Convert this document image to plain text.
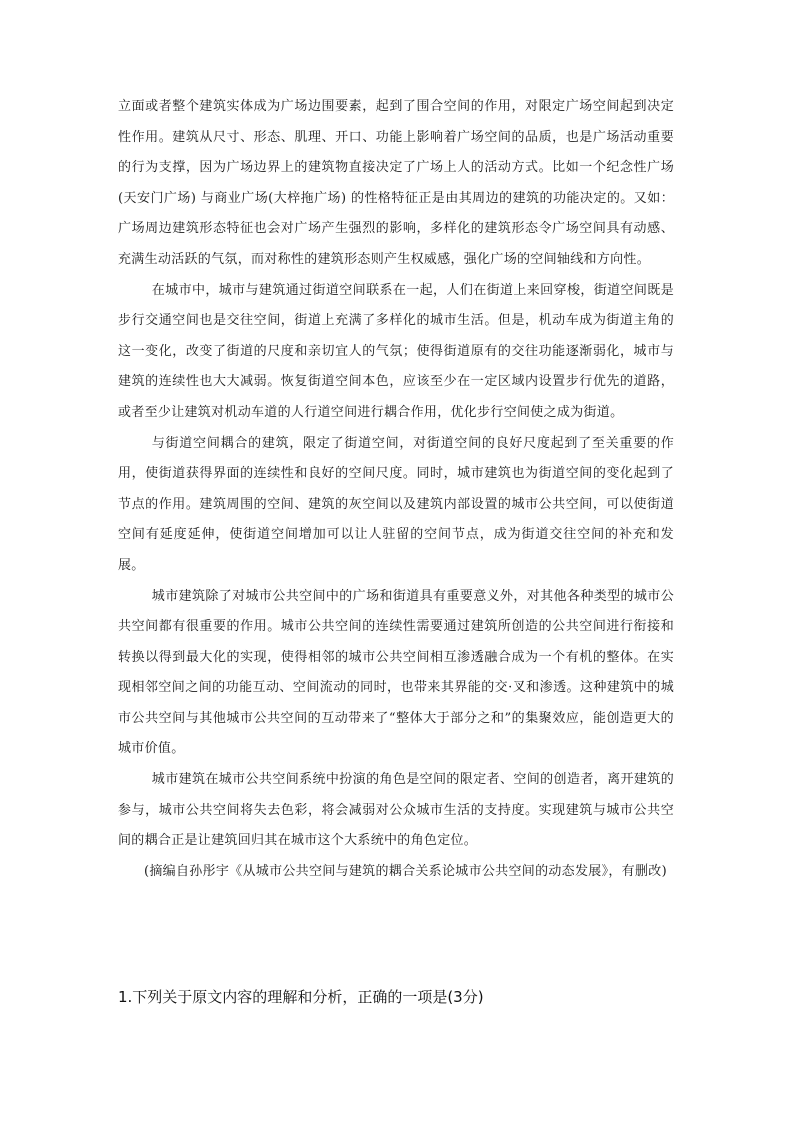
立面或者整个建筑实体成为广场边围要素，起到了围合空间的作用，对限定广场空间起到决定性作用。建筑从尺寸、形态、肌理、开口、功能上影响着广场空间的品质，也是广场活动重要的行为支撑，因为广场边界上的建筑物直接决定了广场上人的活动方式。比如一个纪念性广场 (天安门广场) 与商业广场(大梓拖广场) 的性格特征正是由其周边的建筑的功能决定的。又如：广场周边建筑形态特征也会对广场产生强烈的影响，多样化的建筑形态令广场空间具有动感、充满生动活跃的气氛，而对称性的建筑形态则产生权威感，强化广场的空间轴线和方向性。

在城市中，城市与建筑通过街道空间联系在一起，人们在街道上来回穿梭，街道空间既是步行交通空间也是交往空间，街道上充满了多样化的城市生活。但是，机动车成为街道主角的这一变化，改变了街道的尺度和亲切宜人的气氛；使得街道原有的交往功能逐渐弱化，城市与建筑的连续性也大大减弱。恢复街道空间本色，应该至少在一定区域内设置步行优先的道路，或者至少让建筑对机动车道的人行道空间进行耦合作用，优化步行空间使之成为街道。

与街道空间耦合的建筑，限定了街道空间，对街道空间的良好尺度起到了至关重要的作用，使街道获得界面的连续性和良好的空间尺度。同时，城市建筑也为街道空间的变化起到了节点的作用。建筑周围的空间、建筑的灰空间以及建筑内部设置的城市公共空间，可以使街道空间有延度延伸，使街道空间增加可以让人驻留的空间节点，成为街道交往空间的补充和发展。

城市建筑除了对城市公共空间中的广场和街道具有重要意义外，对其他各种类型的城市公共空间都有很重要的作用。城市公共空间的连续性需要通过建筑所创造的公共空间进行衔接和转换以得到最大化的实现，使得相邻的城市公共空间相互渗透融合成为一个有机的整体。在实现相邻空间之间的功能互动、空间流动的同时，也带来其界能的交·叉和渗透。这种建筑中的城市公共空间与其他城市公共空间的互动带来了“整体大于部分之和”的集聚效应，能创造更大的城市价值。

城市建筑在城市公共空间系统中扮演的角色是空间的限定者、空间的创造者，离开建筑的参与，城市公共空间将失去色彩，将会减弱对公众城市生活的支持度。实现建筑与城市公共空间的耦合正是让建筑回归其在城市这个大系统中的角色定位。

(摘编自孙彤宇《从城市公共空间与建筑的耦合关系论城市公共空间的动态发展》，有删改)

1.下列关于原文内容的理解和分析，正确的一项是(3分)
